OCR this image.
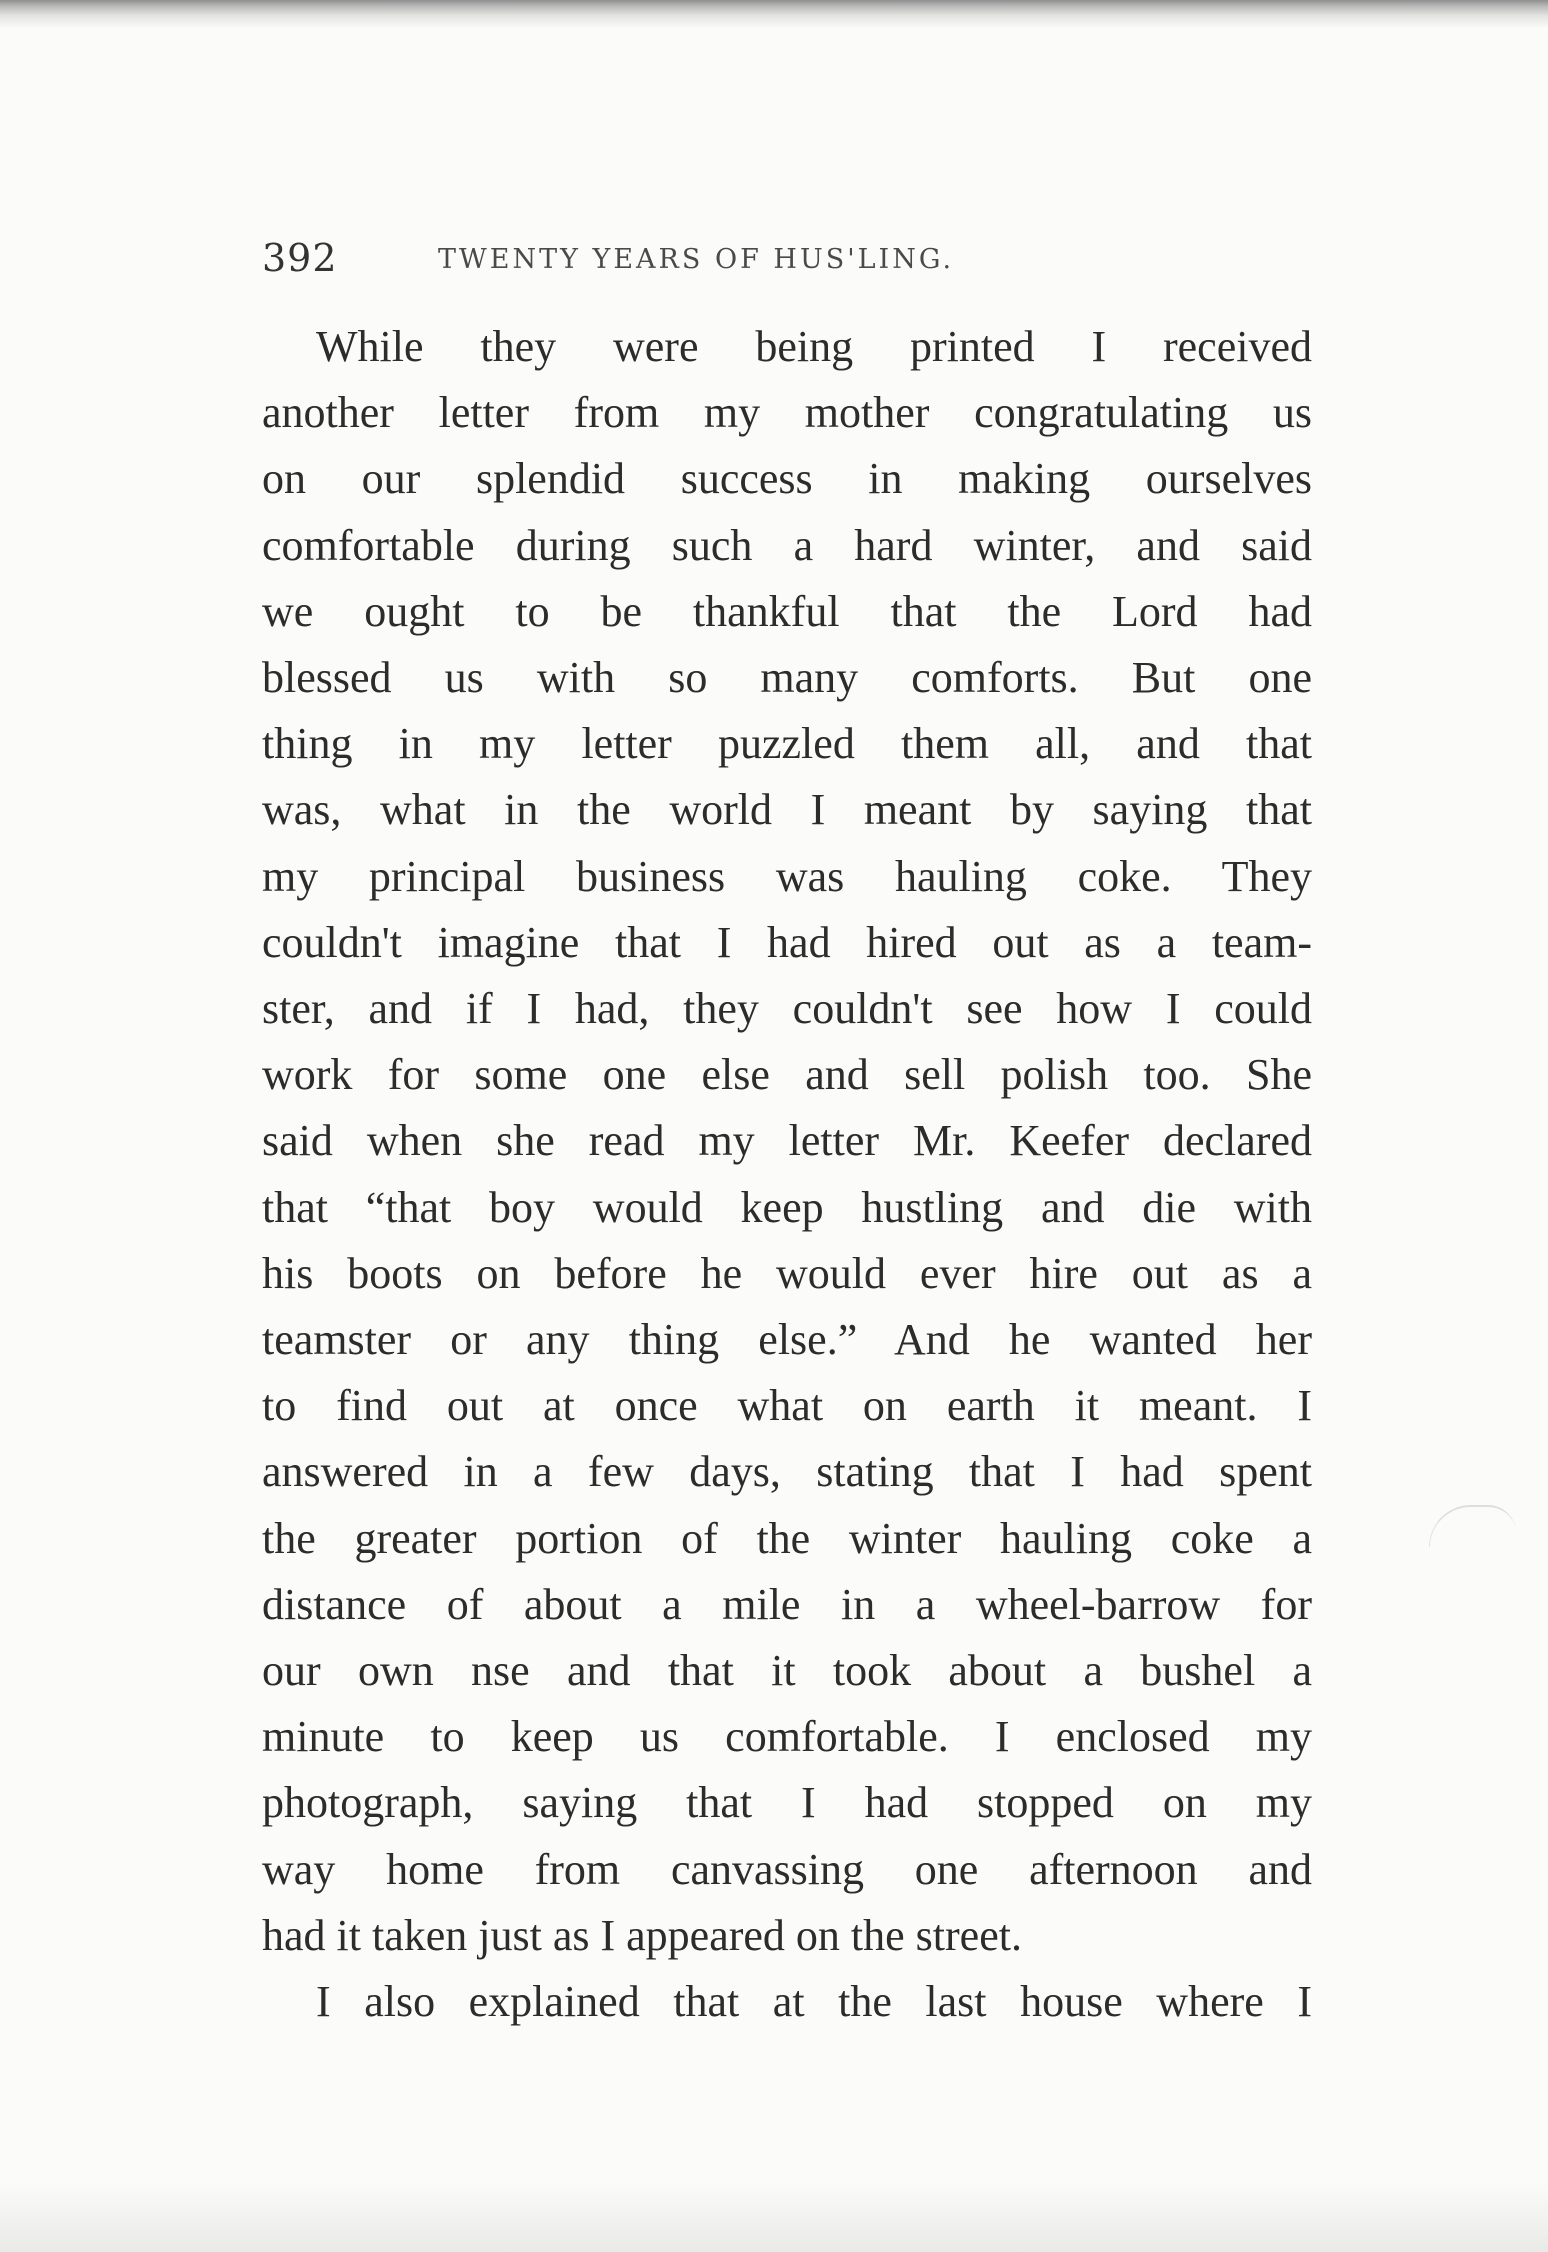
392	TWENTY YEARS OF HUS'LING.
While they were being printed I received
another letter from my mother congratulating us
on our splendid success in making ourselves
comfortable during such a hard winter, and said
we ought to be thankful that the Lord had
blessed us with so many comforts. But one
thing in my letter puzzled them all, and that
was, what in the world I meant by saying that
my principal business was hauling coke. They
couldn't imagine that I had hired out as a team-
ster, and if I had, they couldn't see how I could
work for some one else and sell polish too. She
said when she read my letter Mr. Keefer declared
that “that boy would keep hustling and die with
his boots on before he would ever hire out as a
teamster or any thing else.” And he wanted her
to find out at once what on earth it meant. I
answered in a few days, stating that I had spent
the greater portion of the winter hauling coke a
distance of about a mile in a wheel-barrow for
our own nse and that it took about a bushel a
minute to keep us comfortable. I enclosed my
photograph, saying that I had stopped on my
way home from canvassing one afternoon and
had it taken just as I appeared on the street.
I also explained that at the last house where I
